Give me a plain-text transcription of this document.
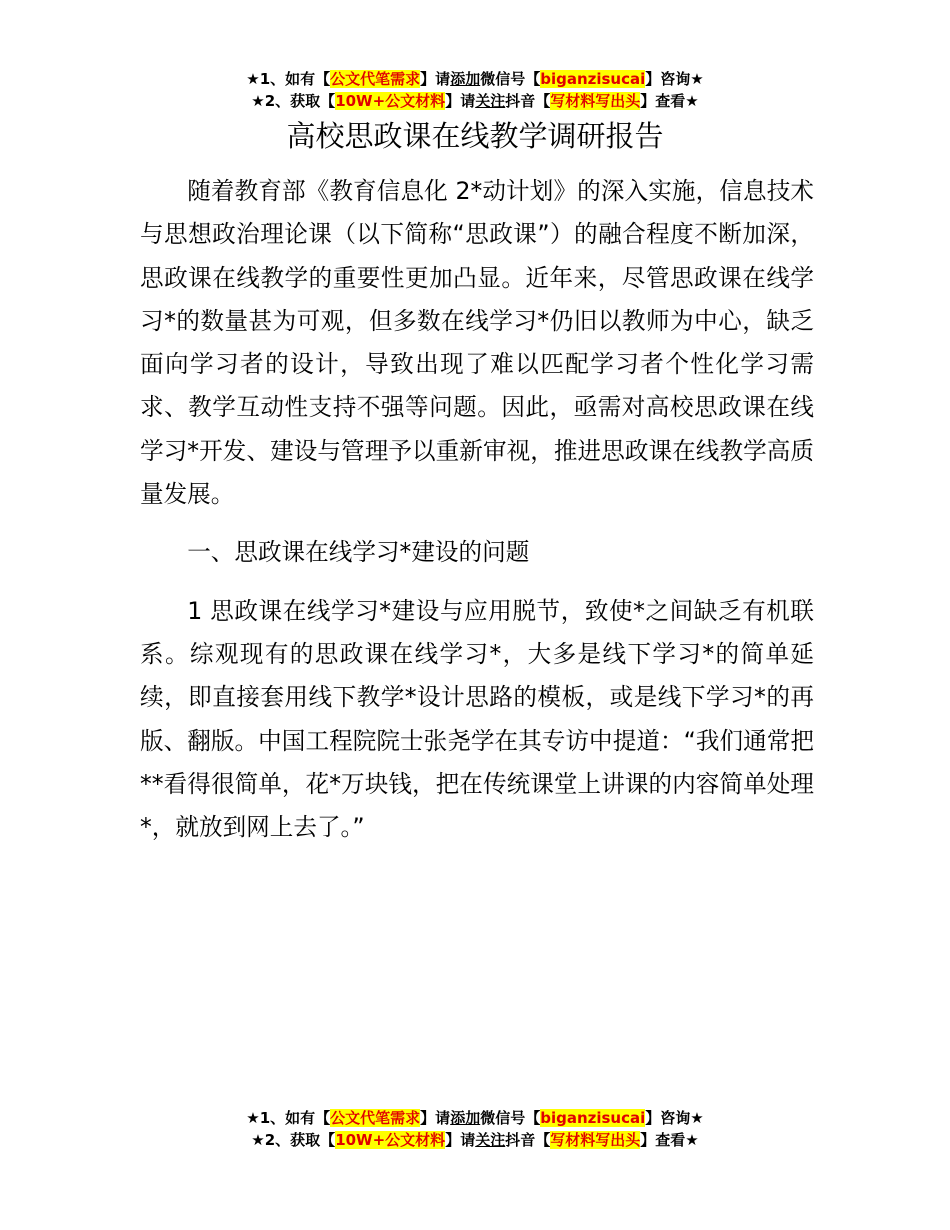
★1、如有【公文代笔需求】请添加微信号【biganzisucai】咨询★
★2、获取【10W+公文材料】请关注抖音【写材料写出头】查看★
高校思政课在线教学调研报告

随着教育部《教育信息化 2*动计划》的深入实施，信息技术与思想政治理论课（以下简称“思政课”）的融合程度不断加深，思政课在线教学的重要性更加凸显。近年来，尽管思政课在线学习*的数量甚为可观，但多数在线学习*仍旧以教师为中心，缺乏面向学习者的设计，导致出现了难以匹配学习者个性化学习需求、教学互动性支持不强等问题。因此，亟需对高校思政课在线学习*开发、建设与管理予以重新审视，推进思政课在线教学高质量发展。

一、思政课在线学习*建设的问题

1 思政课在线学习*建设与应用脱节，致使*之间缺乏有机联系。综观现有的思政课在线学习*，大多是线下学习*的简单延续，即直接套用线下教学*设计思路的模板，或是线下学习*的再版、翻版。中国工程院院士张尧学在其专访中提道：“我们通常把**看得很简单，花*万块钱，把在传统课堂上讲课的内容简单处理*，就放到网上去了。”

★1、如有【公文代笔需求】请添加微信号【biganzisucai】咨询★
★2、获取【10W+公文材料】请关注抖音【写材料写出头】查看★
